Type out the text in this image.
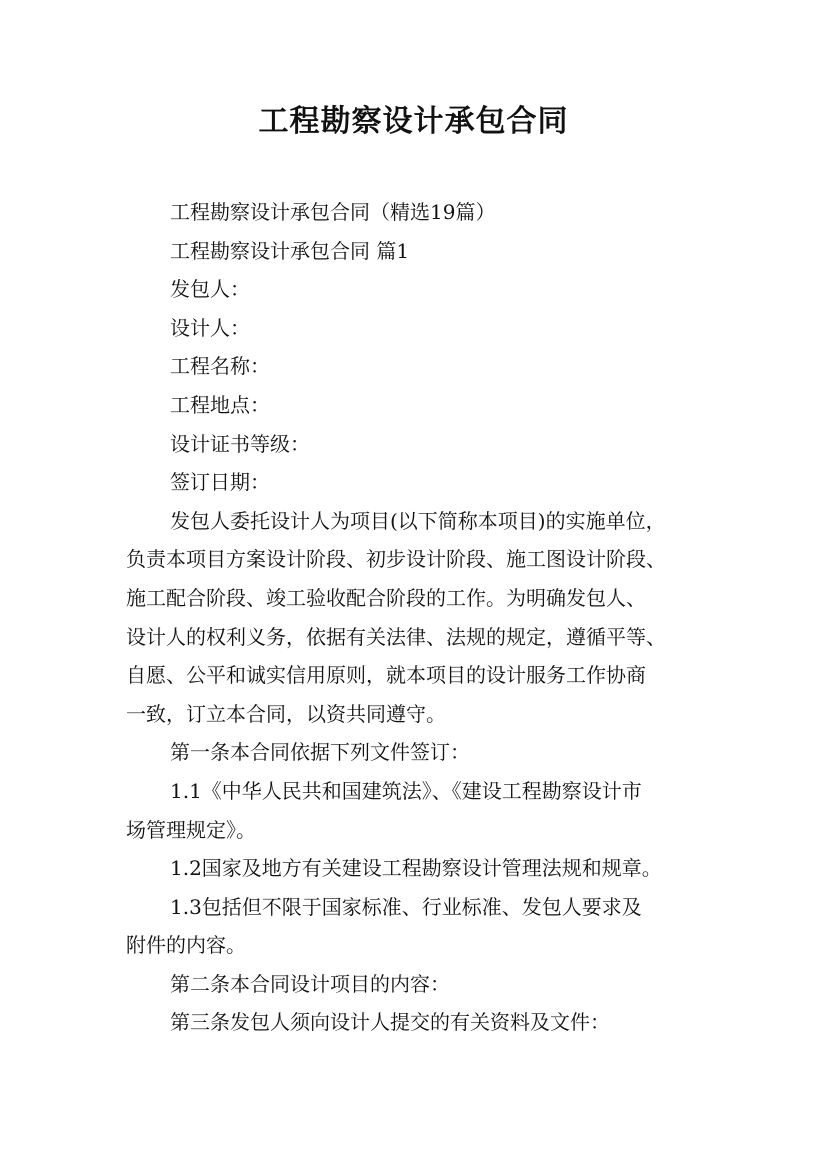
工程勘察设计承包合同

工程勘察设计承包合同（精选19篇）

工程勘察设计承包合同 篇1

发包人：

设计人：

工程名称：

工程地点：

设计证书等级：

签订日期：

发包人委托设计人为项目(以下简称本项目)的实施单位，

负责本项目方案设计阶段、初步设计阶段、施工图设计阶段、

施工配合阶段、竣工验收配合阶段的工作。为明确发包人、

设计人的权利义务，依据有关法律、法规的规定，遵循平等、

自愿、公平和诚实信用原则，就本项目的设计服务工作协商

一致，订立本合同，以资共同遵守。

第一条本合同依据下列文件签订：

1.1《中华人民共和国建筑法》、《建设工程勘察设计市

场管理规定》。

1.2国家及地方有关建设工程勘察设计管理法规和规章。

1.3包括但不限于国家标准、行业标准、发包人要求及

附件的内容。

第二条本合同设计项目的内容：

第三条发包人须向设计人提交的有关资料及文件：
